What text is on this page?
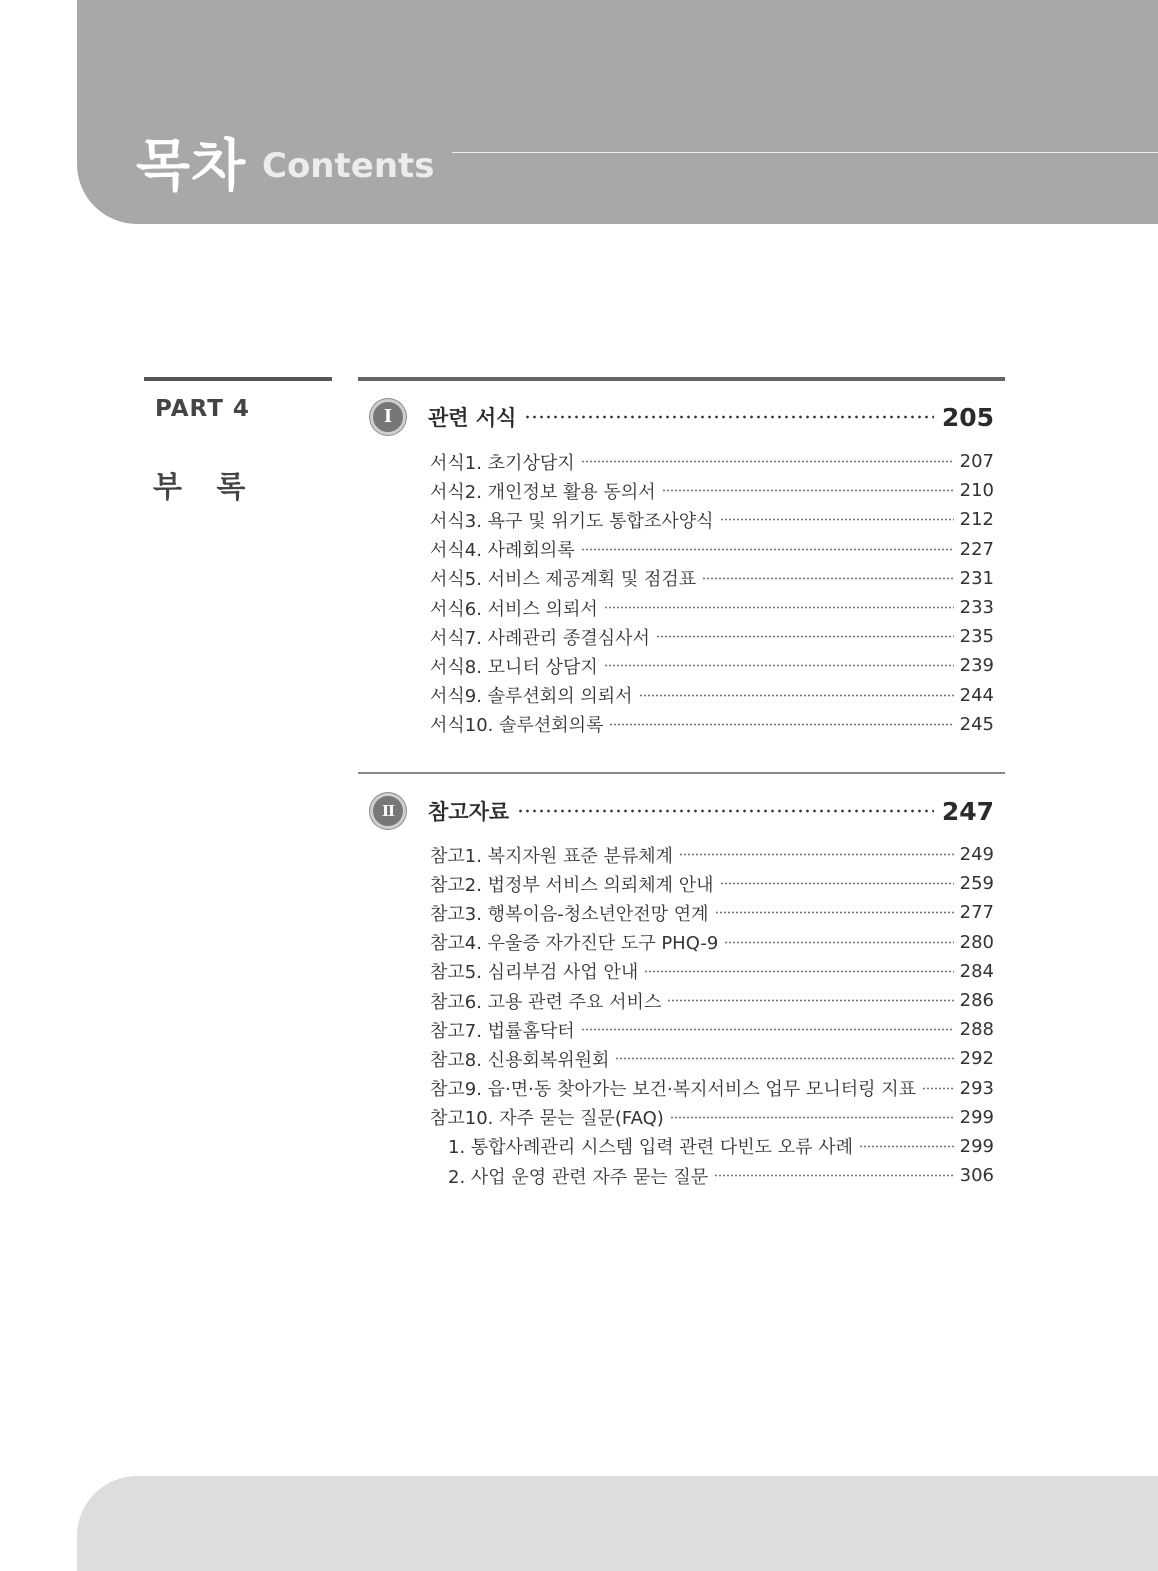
목차 Contents
PART 4
부 록
I	관련 서식	205
서식1. 초기상담지	207
서식2. 개인정보 활용 동의서	210
서식3. 욕구 및 위기도 통합조사양식	212
서식4. 사례회의록	227
서식5. 서비스 제공계획 및 점검표	231
서식6. 서비스 의뢰서	233
서식7. 사례관리 종결심사서	235
서식8. 모니터 상담지	239
서식9. 솔루션회의 의뢰서	244
서식10. 솔루션회의록	245
II	참고자료	247
참고1. 복지자원 표준 분류체계	249
참고2. 법정부 서비스 의뢰체계 안내	259
참고3. 행복이음-청소년안전망 연계	277
참고4. 우울증 자가진단 도구 PHQ-9	280
참고5. 심리부검 사업 안내	284
참고6. 고용 관련 주요 서비스	286
참고7. 법률홈닥터	288
참고8. 신용회복위원회	292
참고9. 읍·면·동 찾아가는 보건·복지서비스 업무 모니터링 지표 293
참고10. 자주 묻는 질문(FAQ)	299
1. 통합사례관리 시스템 입력 관련 다빈도 오류 사례	299
2. 사업 운영 관련 자주 묻는 질문	306
